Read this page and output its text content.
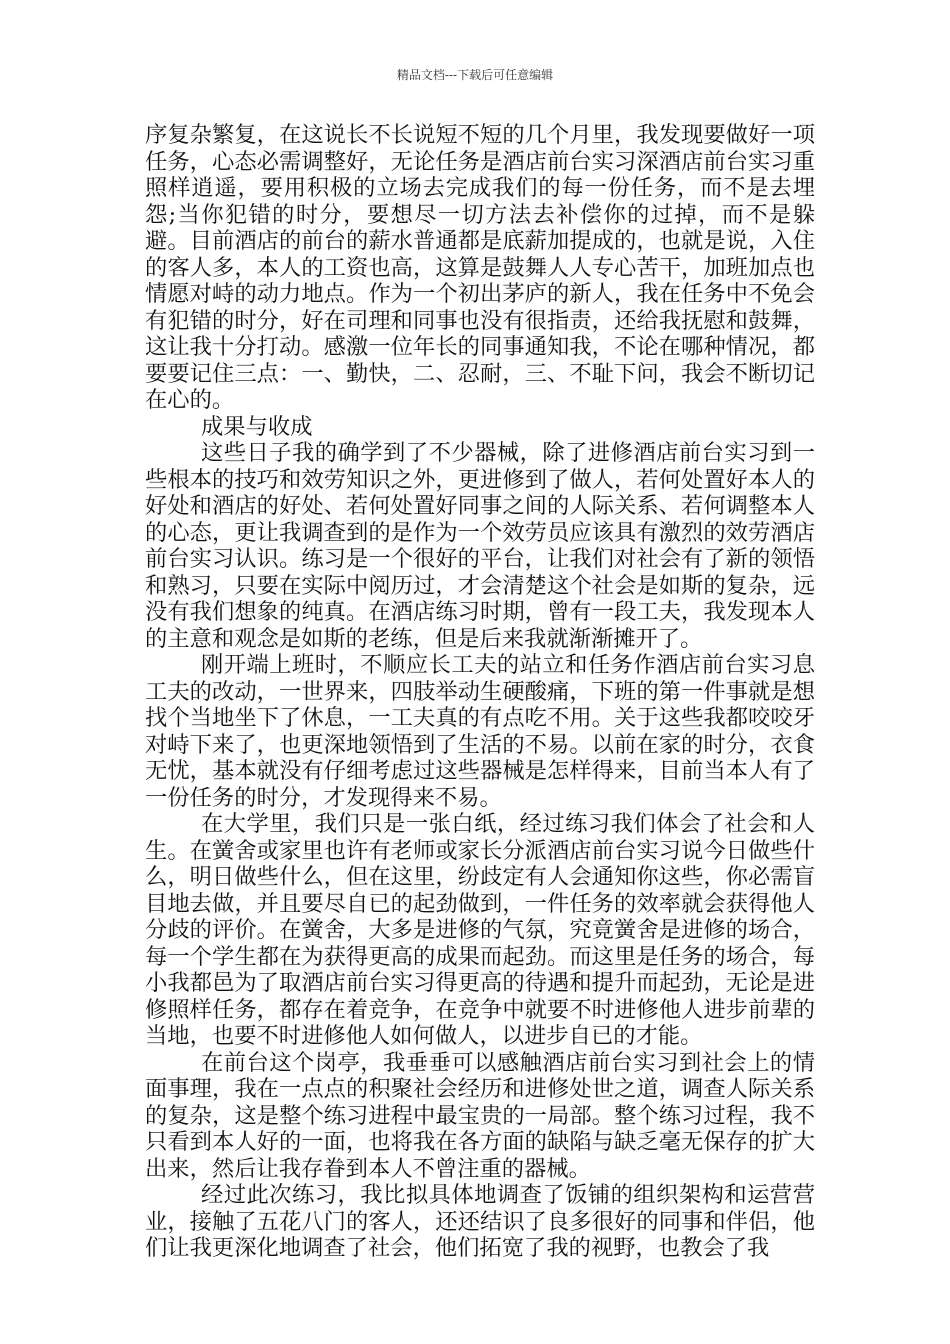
精品文档---下载后可任意编辑

序复杂繁复，在这说长不长说短不短的几个月里，我发现要做好一项任务，心态必需调整好，无论任务是酒店前台实习深酒店前台实习重照样逍遥，要用积极的立场去完成我们的每一份任务，而不是去埋怨;当你犯错的时分，要想尽一切方法去补偿你的过掉，而不是躲避。目前酒店的前台的薪水普通都是底薪加提成的，也就是说，入住的客人多，本人的工资也高，这算是鼓舞人人专心苦干，加班加点也情愿对峙的动力地点。作为一个初出茅庐的新人，我在任务中不免会有犯错的时分，好在司理和同事也没有很指责，还给我抚慰和鼓舞，这让我十分打动。感激一位年长的同事通知我，不论在哪种情况，都要要记住三点：一、勤快，二、忍耐，三、不耻下问，我会不断切记在心的。

成果与收成

这些日子我的确学到了不少器械，除了进修酒店前台实习到一些根本的技巧和效劳知识之外，更进修到了做人，若何处置好本人的好处和酒店的好处、若何处置好同事之间的人际关系、若何调整本人的心态，更让我调查到的是作为一个效劳员应该具有激烈的效劳酒店前台实习认识。练习是一个很好的平台，让我们对社会有了新的领悟和熟习，只要在实际中阅历过，才会清楚这个社会是如斯的复杂，远没有我们想象的纯真。在酒店练习时期，曾有一段工夫，我发现本人的主意和观念是如斯的老练，但是后来我就渐渐摊开了。

刚开端上班时，不顺应长工夫的站立和任务作酒店前台实习息工夫的改动，一世界来，四肢举动生硬酸痛，下班的第一件事就是想找个当地坐下了休息，一工夫真的有点吃不用。关于这些我都咬咬牙对峙下来了，也更深地领悟到了生活的不易。以前在家的时分，衣食无忧，基本就没有仔细考虑过这些器械是怎样得来，目前当本人有了一份任务的时分，才发现得来不易。

在大学里，我们只是一张白纸，经过练习我们体会了社会和人生。在黉舍或家里也许有老师或家长分派酒店前台实习说今日做些什么，明日做些什么，但在这里，纷歧定有人会通知你这些，你必需盲目地去做，并且要尽自已的起劲做到，一件任务的效率就会获得他人分歧的评价。在黉舍，大多是进修的气氛，究竟黉舍是进修的场合，每一个学生都在为获得更高的成果而起劲。而这里是任务的场合，每小我都邑为了取酒店前台实习得更高的待遇和提升而起劲，无论是进修照样任务，都存在着竞争，在竞争中就要不时进修他人进步前辈的当地，也要不时进修他人如何做人，以进步自已的才能。

在前台这个岗亭，我垂垂可以感触酒店前台实习到社会上的情面事理，我在一点点的积聚社会经历和进修处世之道，调查人际关系的复杂，这是整个练习进程中最宝贵的一局部。整个练习过程，我不只看到本人好的一面，也将我在各方面的缺陷与缺乏毫无保存的扩大出来，然后让我存眷到本人不曾注重的器械。

经过此次练习，我比拟具体地调查了饭铺的组织架构和运营营业，接触了五花八门的客人，还还结识了良多很好的同事和伴侣，他们让我更深化地调查了社会，他们拓宽了我的视野，也教会了我
